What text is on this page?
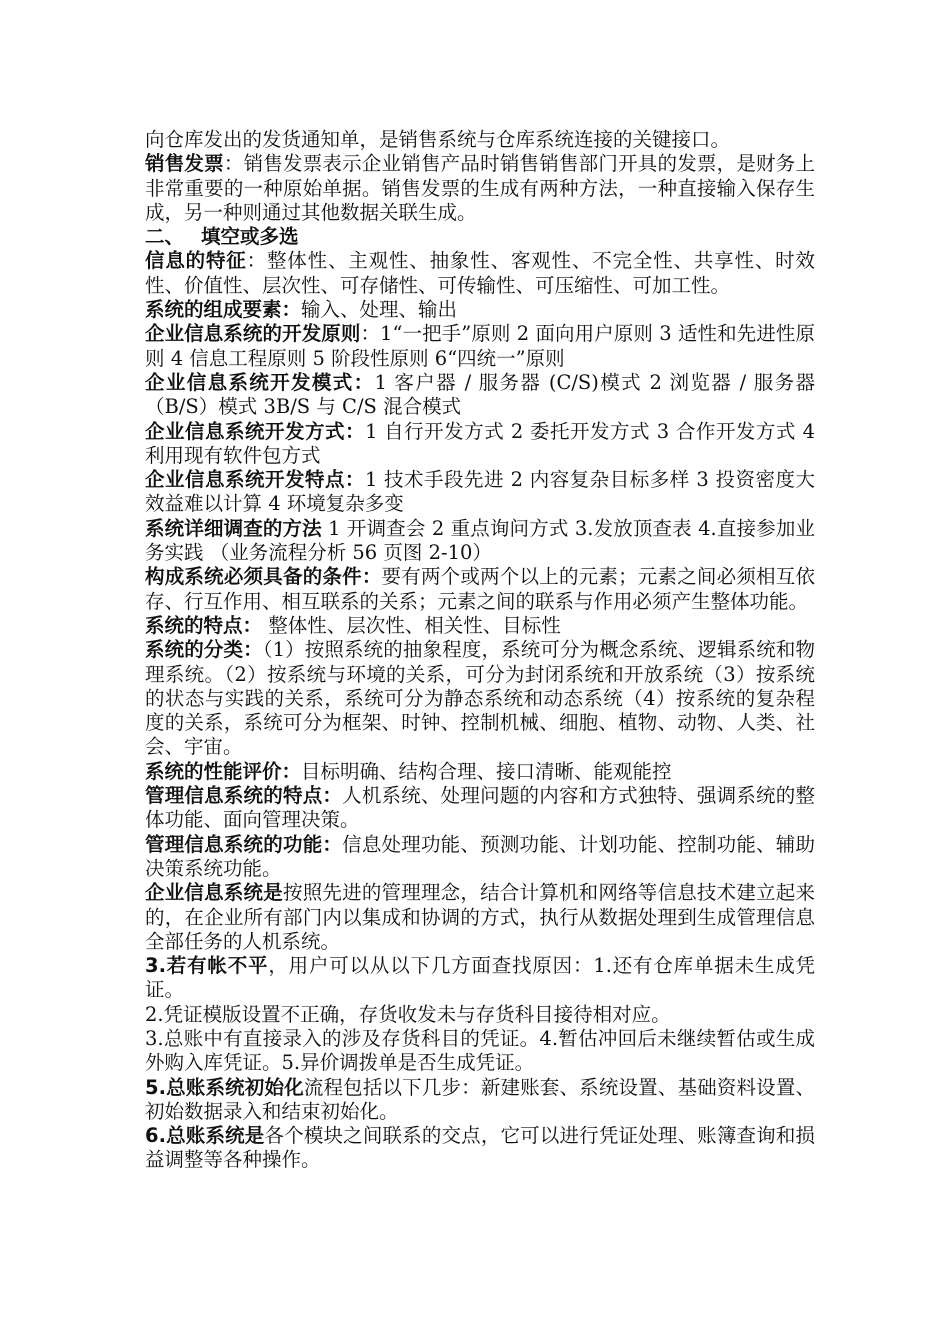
向仓库发出的发货通知单，是销售系统与仓库系统连接的关键接口。

销售发票：销售发票表示企业销售产品时销售销售部门开具的发票，是财务上非常重要的一种原始单据。销售发票的生成有两种方法，一种直接输入保存生成，另一种则通过其他数据关联生成。

二、 填空或多选

信息的特征：整体性、主观性、抽象性、客观性、不完全性、共享性、时效性、价值性、层次性、可存储性、可传输性、可压缩性、可加工性。

系统的组成要素：输入、处理、输出

企业信息系统的开发原则：1“一把手”原则 2 面向用户原则 3 适性和先进性原则 4 信息工程原则 5 阶段性原则 6“四统一”原则

企业信息系统开发模式：1 客户器 / 服务器 (C/S)模式 2 浏览器 / 服务器（B/S）模式 3B/S 与 C/S 混合模式

企业信息系统开发方式：1 自行开发方式 2 委托开发方式 3 合作开发方式 4 利用现有软件包方式

企业信息系统开发特点：1 技术手段先进 2 内容复杂目标多样 3 投资密度大效益难以计算 4 环境复杂多变

系统详细调查的方法 1 开调查会 2 重点询问方式 3.发放顶查表 4.直接参加业务实践 （业务流程分析 56 页图 2-10）

构成系统必须具备的条件：要有两个或两个以上的元素；元素之间必须相互依存、行互作用、相互联系的关系；元素之间的联系与作用必须产生整体功能。

系统的特点： 整体性、层次性、相关性、目标性

系统的分类：（1）按照系统的抽象程度，系统可分为概念系统、逻辑系统和物理系统。（2）按系统与环境的关系，可分为封闭系统和开放系统（3）按系统的状态与实践的关系，系统可分为静态系统和动态系统（4）按系统的复杂程度的关系，系统可分为框架、时钟、控制机械、细胞、植物、动物、人类、社会、宇宙。

系统的性能评价：目标明确、结构合理、接口清晰、能观能控

管理信息系统的特点：人机系统、处理问题的内容和方式独特、强调系统的整体功能、面向管理决策。

管理信息系统的功能：信息处理功能、预测功能、计划功能、控制功能、辅助决策系统功能。

企业信息系统是按照先进的管理理念，结合计算机和网络等信息技术建立起来的，在企业所有部门内以集成和协调的方式，执行从数据处理到生成管理信息全部任务的人机系统。

3.若有帐不平，用户可以从以下几方面查找原因：1.还有仓库单据未生成凭证。

2.凭证模版设置不正确，存货收发未与存货科目接待相对应。

3.总账中有直接录入的涉及存货科目的凭证。4.暂估冲回后未继续暂估或生成外购入库凭证。5.异价调拨单是否生成凭证。

5.总账系统初始化流程包括以下几步：新建账套、系统设置、基础资料设置、初始数据录入和结束初始化。

6.总账系统是各个模块之间联系的交点，它可以进行凭证处理、账簿查询和损益调整等各种操作。
